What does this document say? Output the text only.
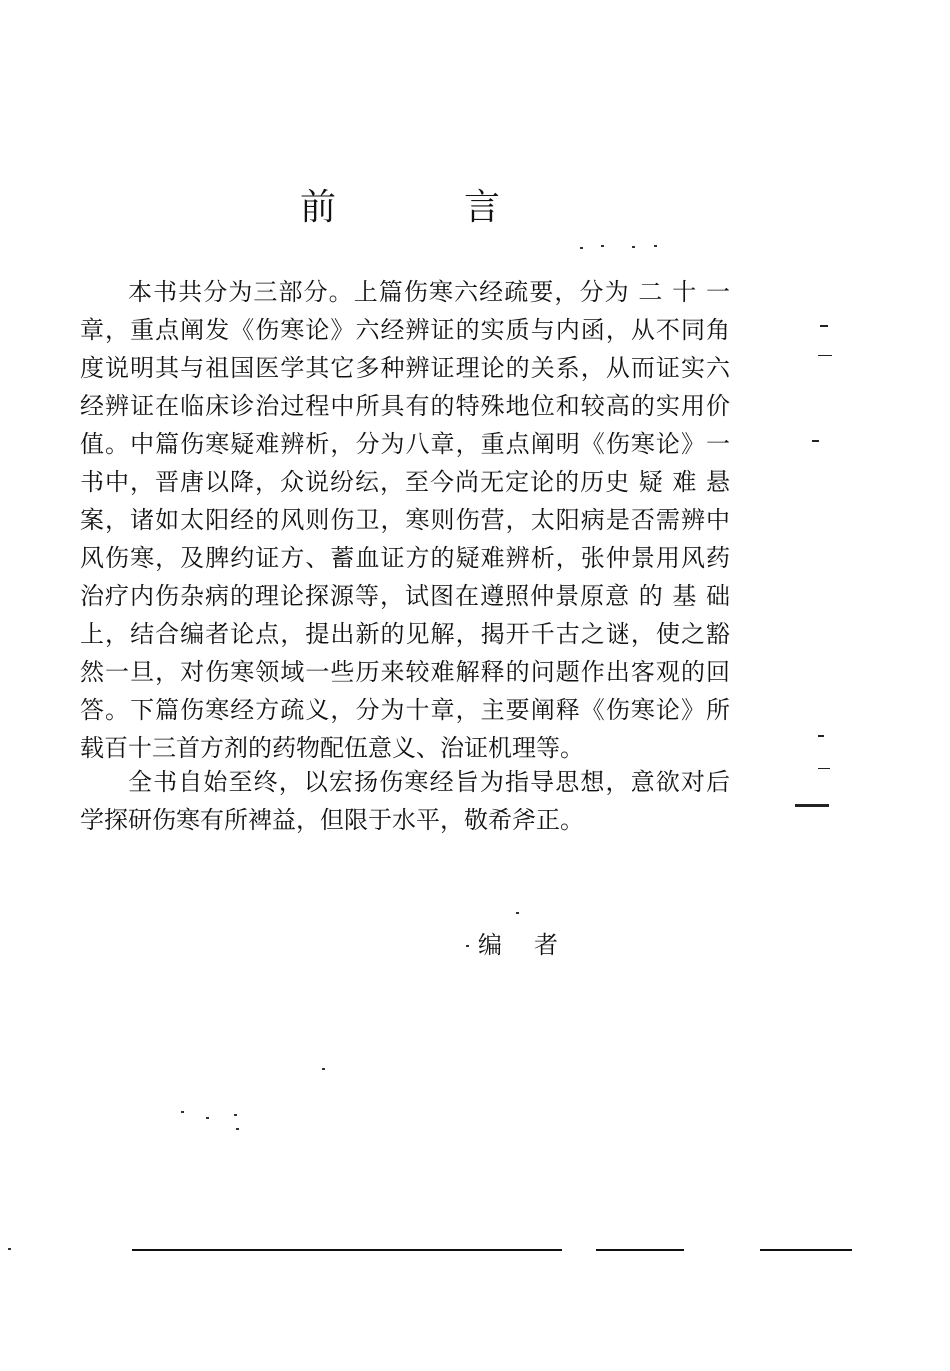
前	言
本书共分为三部分。上篇伤寒六经疏要，分为 二 十 一
章，重点阐发《伤寒论》六经辨证的实质与内函，从不同角
度说明其与祖国医学其它多种辨证理论的关系，从而证实六
经辨证在临床诊治过程中所具有的特殊地位和较高的实用价
值。中篇伤寒疑难辨析，分为八章，重点阐明《伤寒论》一
书中，晋唐以降，众说纷纭，至今尚无定论的历史 疑 难 悬
案，诸如太阳经的风则伤卫，寒则伤营，太阳病是否需辨中
风伤寒，及脾约证方、蓄血证方的疑难辨析，张仲景用风药
治疗内伤杂病的理论探源等，试图在遵照仲景原意 的 基 础
上，结合编者论点，提出新的见解，揭开千古之谜，使之豁
然一旦，对伤寒领域一些历来较难解释的问题作出客观的回
答。下篇伤寒经方疏义，分为十章，主要阐释《伤寒论》所
载百十三首方剂的药物配伍意义、治证机理等。
全书自始至终，以宏扬伤寒经旨为指导思想，意欲对后
学探研伤寒有所裨益，但限于水平，敬希斧正。
编 者
